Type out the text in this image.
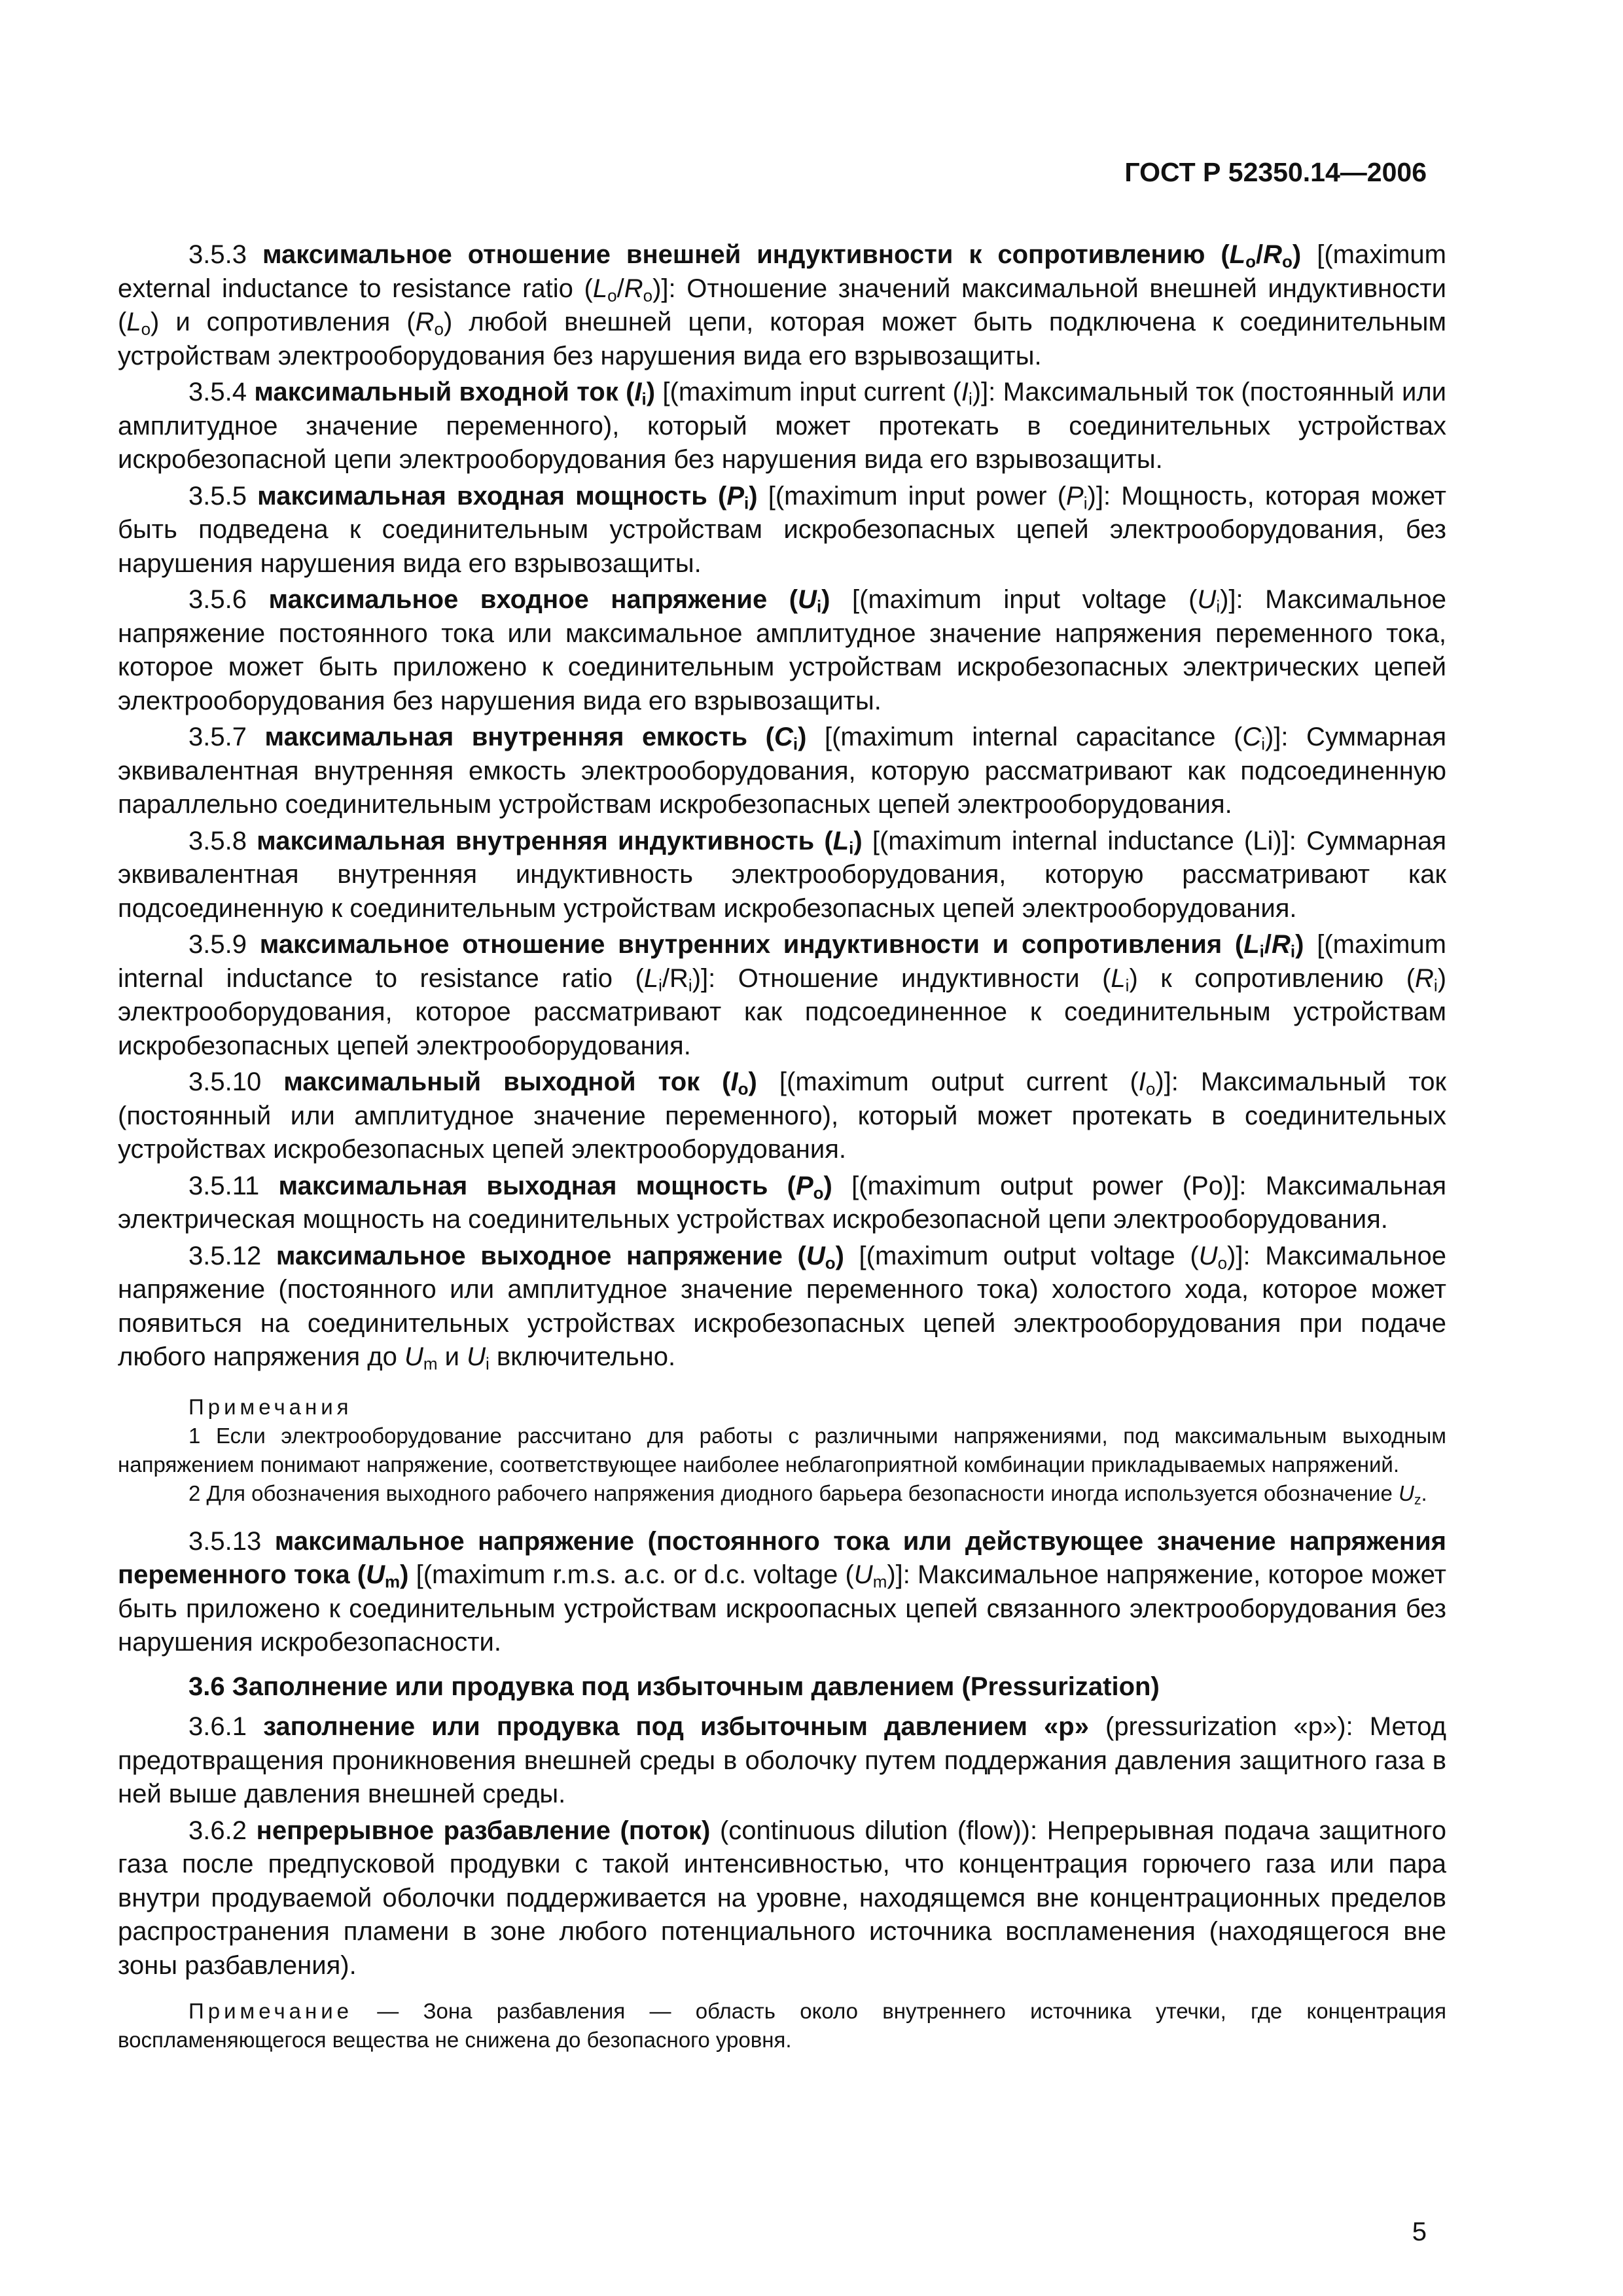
ГОСТ Р 52350.14—2006

3.5.3 максимальное отношение внешней индуктивности к сопротивлению $(L_o/R_o)$ [(maximum external inductance to resistance ratio $(L_o/R_o)$]: Отношение значений максимальной внешней индуктивности $(L_o)$ и сопротивления $(R_o)$ любой внешней цепи, которая может быть подключена к соединительным устройствам электрооборудования без нарушения вида его взрывозащиты.

3.5.4 максимальный входной ток $(I_i)$ [(maximum input current $(I_i)$]: Максимальный ток (постоянный или амплитудное значение переменного), который может протекать в соединительных устройствах искробезопасной цепи электрооборудования без нарушения вида его взрывозащиты.

3.5.5 максимальная входная мощность $(P_i)$ [(maximum input power $(P_i)$]: Мощность, которая может быть подведена к соединительным устройствам искробезопасных цепей электрооборудования, без нарушения нарушения вида его взрывозащиты.

3.5.6 максимальное входное напряжение $(U_i)$ [(maximum input voltage $(U_i)$]: Максимальное напряжение постоянного тока или максимальное амплитудное значение напряжения переменного тока, которое может быть приложено к соединительным устройствам искробезопасных электрических цепей электрооборудования без нарушения вида его взрывозащиты.

3.5.7 максимальная внутренняя емкость $(C_i)$ [(maximum internal capacitance $(C_i)$]: Суммарная эквивалентная внутренняя емкость электрооборудования, которую рассматривают как подсоединенную параллельно соединительным устройствам искробезопасных цепей электрооборудования.

3.5.8 максимальная внутренняя индуктивность $(L_i)$ [(maximum internal inductance (Li)]: Суммарная эквивалентная внутренняя индуктивность электрооборудования, которую рассматривают как подсоединенную к соединительным устройствам искробезопасных цепей электрооборудования.

3.5.9 максимальное отношение внутренних индуктивности и сопротивления $(L_i/R_i)$ [(maximum internal inductance to resistance ratio $(L_i/R_i)$]: Отношение индуктивности $(L_i)$ к сопротивлению $(R_i)$ электрооборудования, которое рассматривают как подсоединенное к соединительным устройствам искробезопасных цепей электрооборудования.

3.5.10 максимальный выходной ток $(I_o)$ [(maximum output current $(I_o)$]: Максимальный ток (постоянный или амплитудное значение переменного), который может протекать в соединительных устройствах искробезопасных цепей электрооборудования.

3.5.11 максимальная выходная мощность $(P_o)$ [(maximum output power (Po)]: Максимальная электрическая мощность на соединительных устройствах искробезопасной цепи электрооборудования.

3.5.12 максимальное выходное напряжение $(U_o)$ [(maximum output voltage $(U_o)$]: Максимальное напряжение (постоянного или амплитудное значение переменного тока) холостого хода, которое может появиться на соединительных устройствах искробезопасных цепей электрооборудования при подаче любого напряжения до $U_m$ и $U_i$ включительно.

Примечания

1 Если электрооборудование рассчитано для работы с различными напряжениями, под максимальным выходным напряжением понимают напряжение, соответствующее наиболее неблагоприятной комбинации прикладываемых напряжений.

2 Для обозначения выходного рабочего напряжения диодного барьера безопасности иногда используется обозначение $U_z$.

3.5.13 максимальное напряжение (постоянного тока или действующее значение напряжения переменного тока $(U_m)$ [(maximum r.m.s. a.c. or d.c. voltage $(U_m)$]: Максимальное напряжение, которое может быть приложено к соединительным устройствам искроопасных цепей связанного электрооборудования без нарушения искробезопасности.

3.6 Заполнение или продувка под избыточным давлением (Pressurization)

3.6.1 заполнение или продувка под избыточным давлением «р» (pressurization «р»): Метод предотвращения проникновения внешней среды в оболочку путем поддержания давления защитного газа в ней выше давления внешней среды.

3.6.2 непрерывное разбавление (поток) (continuous dilution (flow)): Непрерывная подача защитного газа после предпусковой продувки с такой интенсивностью, что концентрация горючего газа или пара внутри продуваемой оболочки поддерживается на уровне, находящемся вне концентрационных пределов распространения пламени в зоне любого потенциального источника воспламенения (находящегося вне зоны разбавления).

Примечание — Зона разбавления — область около внутреннего источника утечки, где концентрация воспламеняющегося вещества не снижена до безопасного уровня.

5
